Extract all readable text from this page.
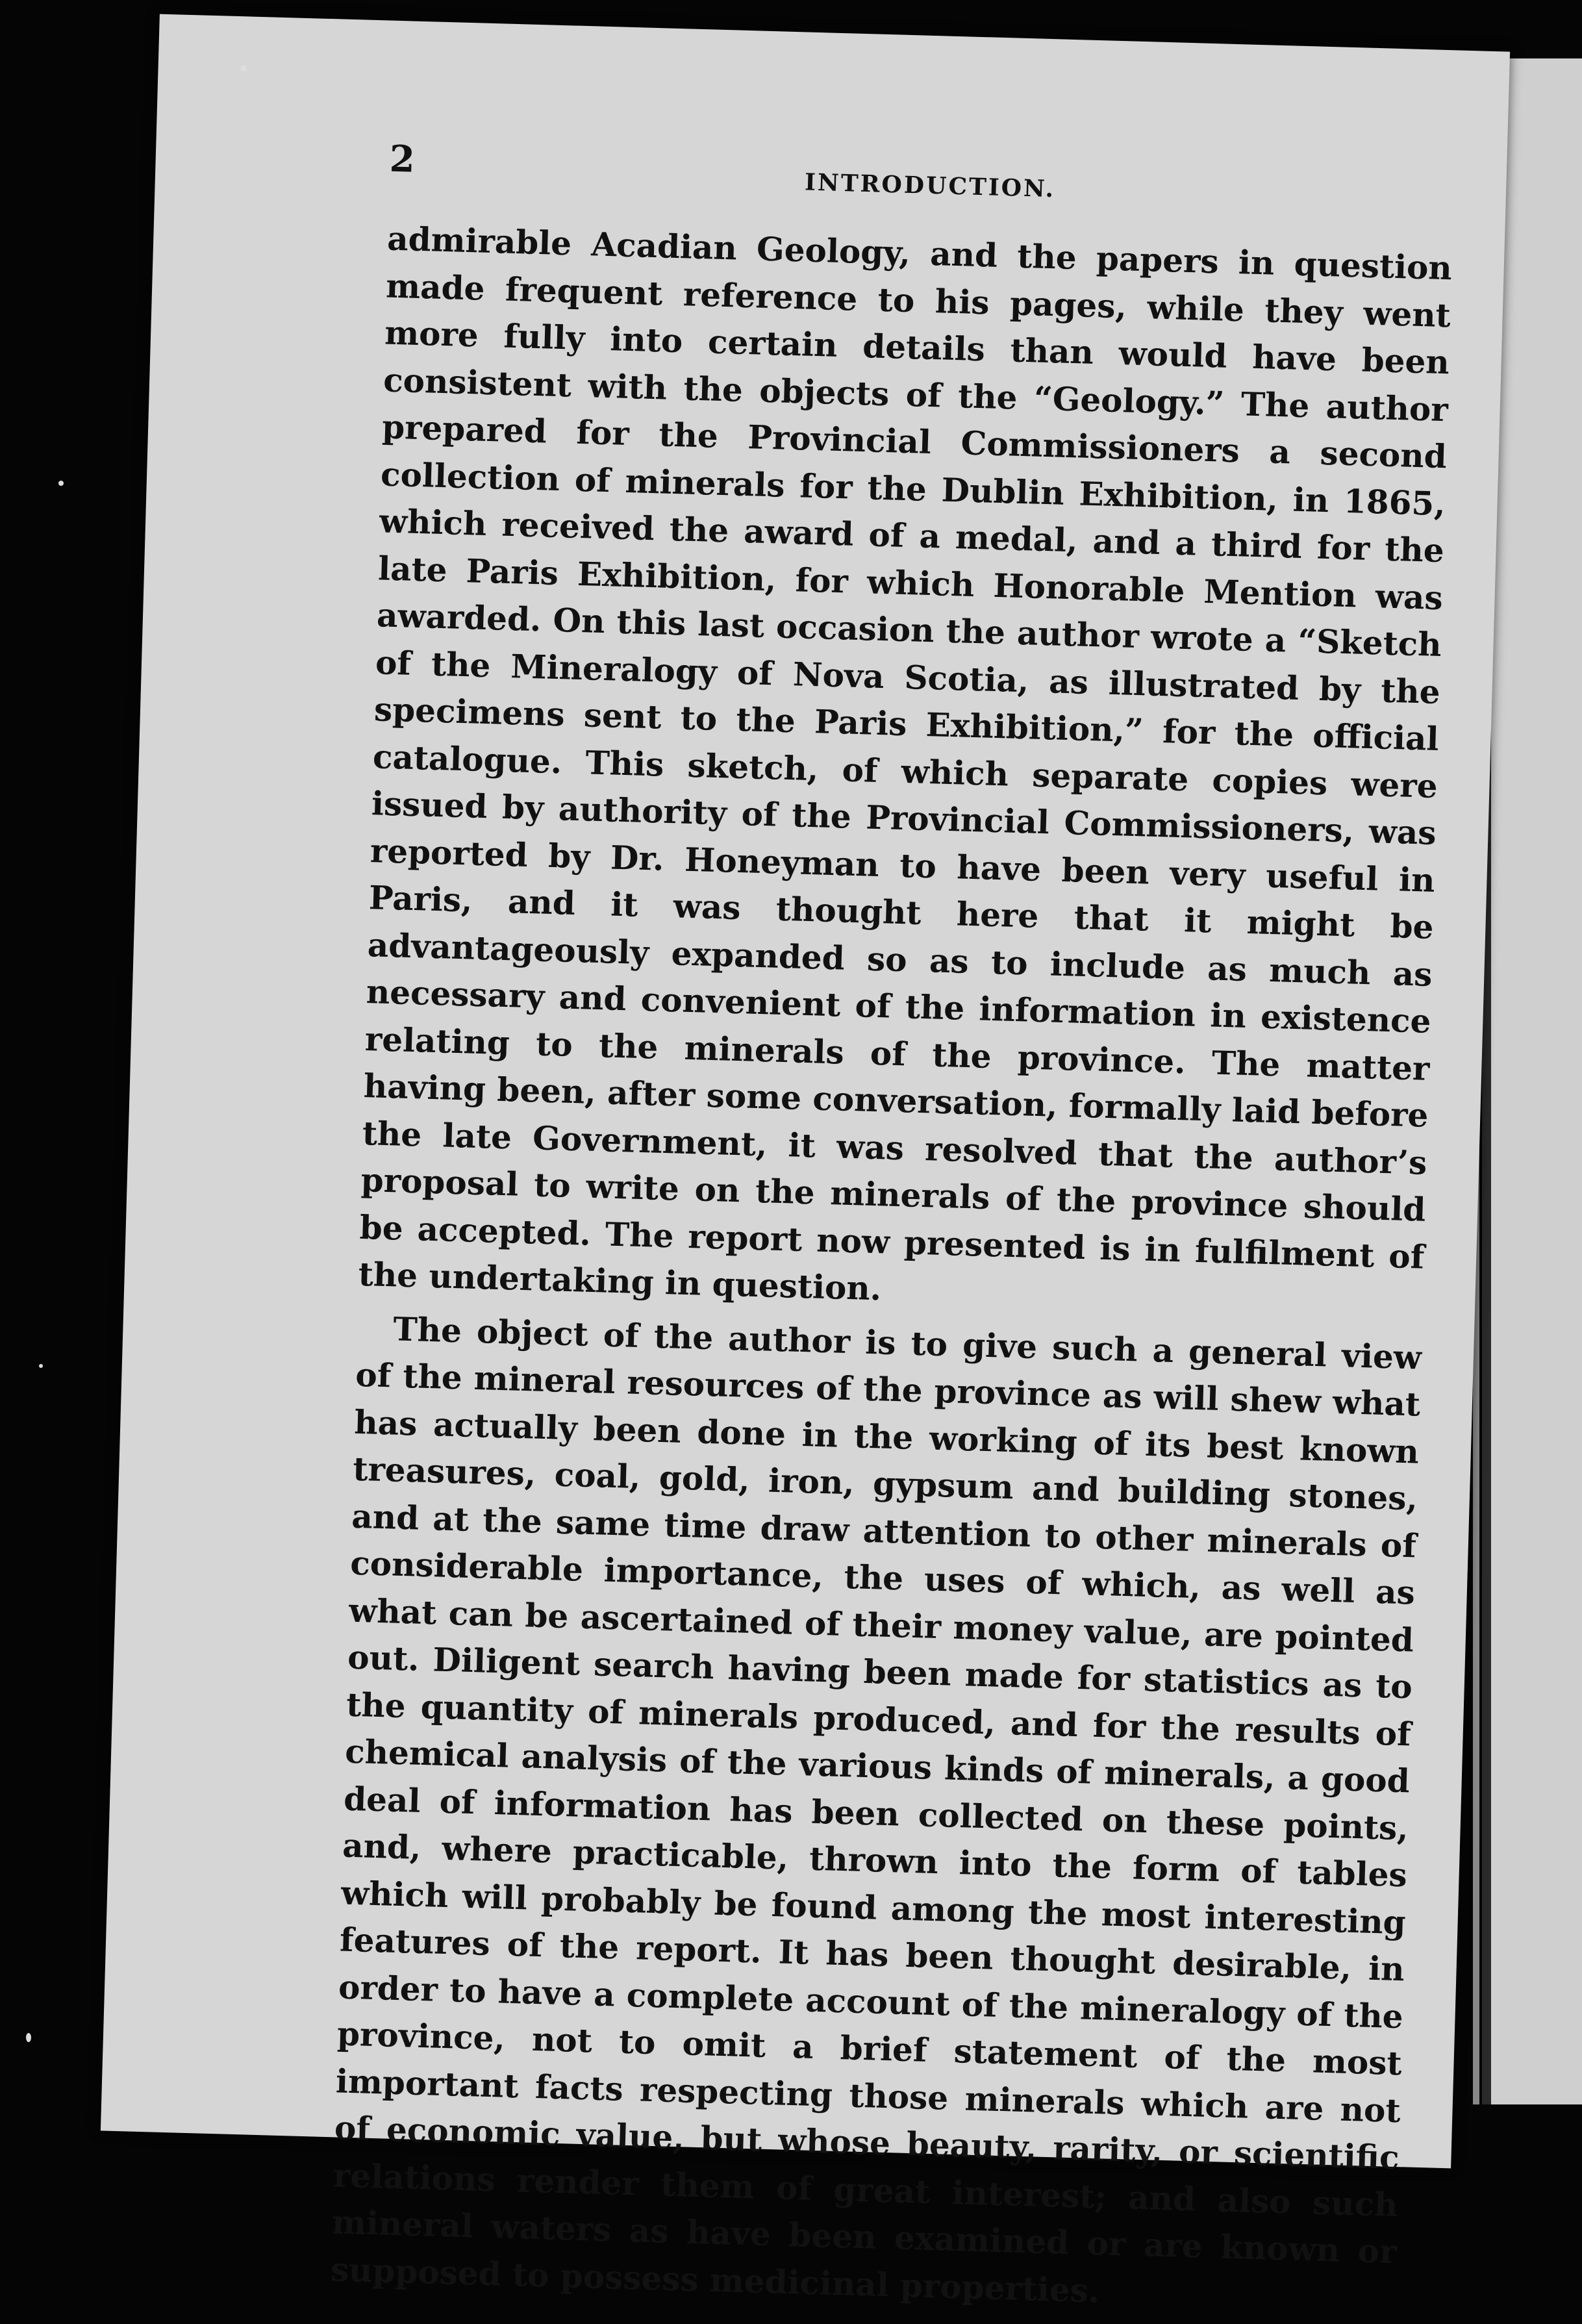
2
INTRODUCTION.

admirable Acadian Geology, and the papers in question made frequent reference to his pages, while they went more fully into certain details than would have been consistent with the objects of the “Geology.” The author prepared for the Provincial Commissioners a second collection of minerals for the Dublin Exhibition, in 1865, which received the award of a medal, and a third for the late Paris Exhibition, for which Honorable Mention was awarded. On this last occasion the author wrote a “Sketch of the Mineralogy of Nova Scotia, as illustrated by the specimens sent to the Paris Exhibition,” for the official catalogue. This sketch, of which separate copies were issued by authority of the Provincial Commissioners, was reported by Dr. Honeyman to have been very useful in Paris, and it was thought here that it might be advantageously expanded so as to include as much as necessary and convenient of the information in existence relating to the minerals of the province. The matter having been, after some conversation, formally laid before the late Government, it was resolved that the author’s proposal to write on the minerals of the province should be accepted. The report now presented is in fulfilment of the undertaking in question.

The object of the author is to give such a general view of the mineral resources of the province as will shew what has actually been done in the working of its best known treasures, coal, gold, iron, gypsum and building stones, and at the same time draw attention to other minerals of considerable importance, the uses of which, as well as what can be ascertained of their money value, are pointed out. Diligent search having been made for statistics as to the quantity of minerals produced, and for the results of chemical analysis of the various kinds of minerals, a good deal of information has been collected on these points, and, where practicable, thrown into the form of tables which will probably be found among the most interesting features of the report. It has been thought desirable, in order to have a complete account of the mineralogy of the province, not to omit a brief statement of the most important facts respecting those minerals which are not of economic value, but whose beauty, rarity, or scientific relations render them of great interest; and also such mineral waters as have been examined or are known or supposed to possess medicinal properties.
